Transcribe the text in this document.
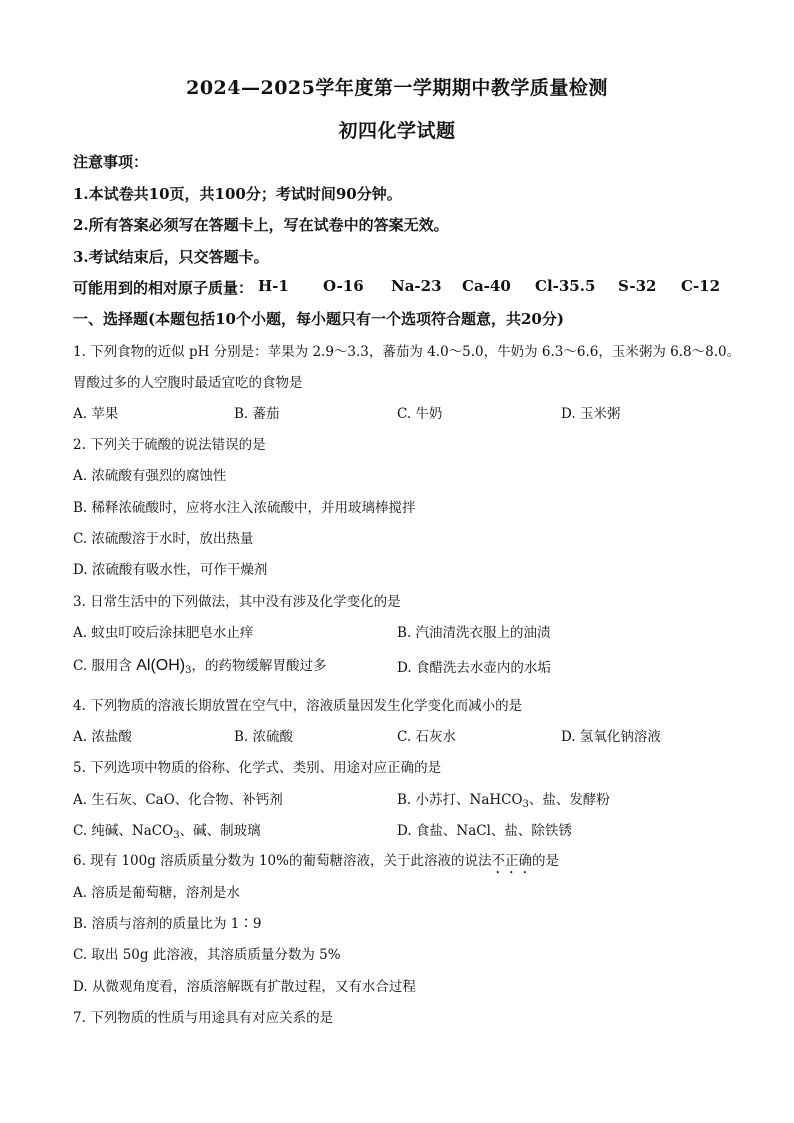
2024—2025学年度第一学期期中教学质量检测
初四化学试题
注意事项：
1.本试卷共10页，共100分；考试时间90分钟。
2.所有答案必须写在答题卡上，写在试卷中的答案无效。
3.考试结束后，只交答题卡。
可能用到的相对原子质量： H-1 O-16 Na-23 Ca-40 Cl-35.5 S-32 C-12
一、选择题(本题包括10个小题，每小题只有一个选项符合题意，共20分)
1. 下列食物的近似 pH 分别是：苹果为 2.9～3.3，蕃茄为 4.0～5.0，牛奶为 6.3～6.6，玉米粥为 6.8～8.0。
胃酸过多的人空腹时最适宜吃的食物是
A. 苹果	B. 蕃茄	C. 牛奶	D. 玉米粥
2. 下列关于硫酸的说法错误的是
A. 浓硫酸有强烈的腐蚀性
B. 稀释浓硫酸时，应将水注入浓硫酸中，并用玻璃棒搅拌
C. 浓硫酸溶于水时，放出热量
D. 浓硫酸有吸水性，可作干燥剂
3. 日常生活中的下列做法，其中没有涉及化学变化的是
A. 蚊虫叮咬后涂抹肥皂水止痒	B. 汽油清洗衣服上的油渍
C. 服用含 $Al(OH)_3$，的药物缓解胃酸过多	D. 食醋洗去水壶内的水垢
4. 下列物质的溶液长期放置在空气中，溶液质量因发生化学变化而减小的是
A. 浓盐酸	B. 浓硫酸	C. 石灰水	D. 氢氧化钠溶液
5. 下列选项中物质的俗称、化学式、类别、用途对应正确的是
A. 生石灰、CaO、化合物、补钙剂	B. 小苏打、NaHCO$_3$、盐、发酵粉
C. 纯碱、NaCO$_3$、碱、制玻璃	D. 食盐、NaCl、盐、除铁锈
6. 现有 100g 溶质质量分数为 10%的葡萄糖溶液，关于此溶液的说法不正确的是
A. 溶质是葡萄糖，溶剂是水
B. 溶质与溶剂的质量比为 1∶9
C. 取出 50g 此溶液，其溶质质量分数为 5%
D. 从微观角度看，溶质溶解既有扩散过程，又有水合过程
7. 下列物质的性质与用途具有对应关系的是
